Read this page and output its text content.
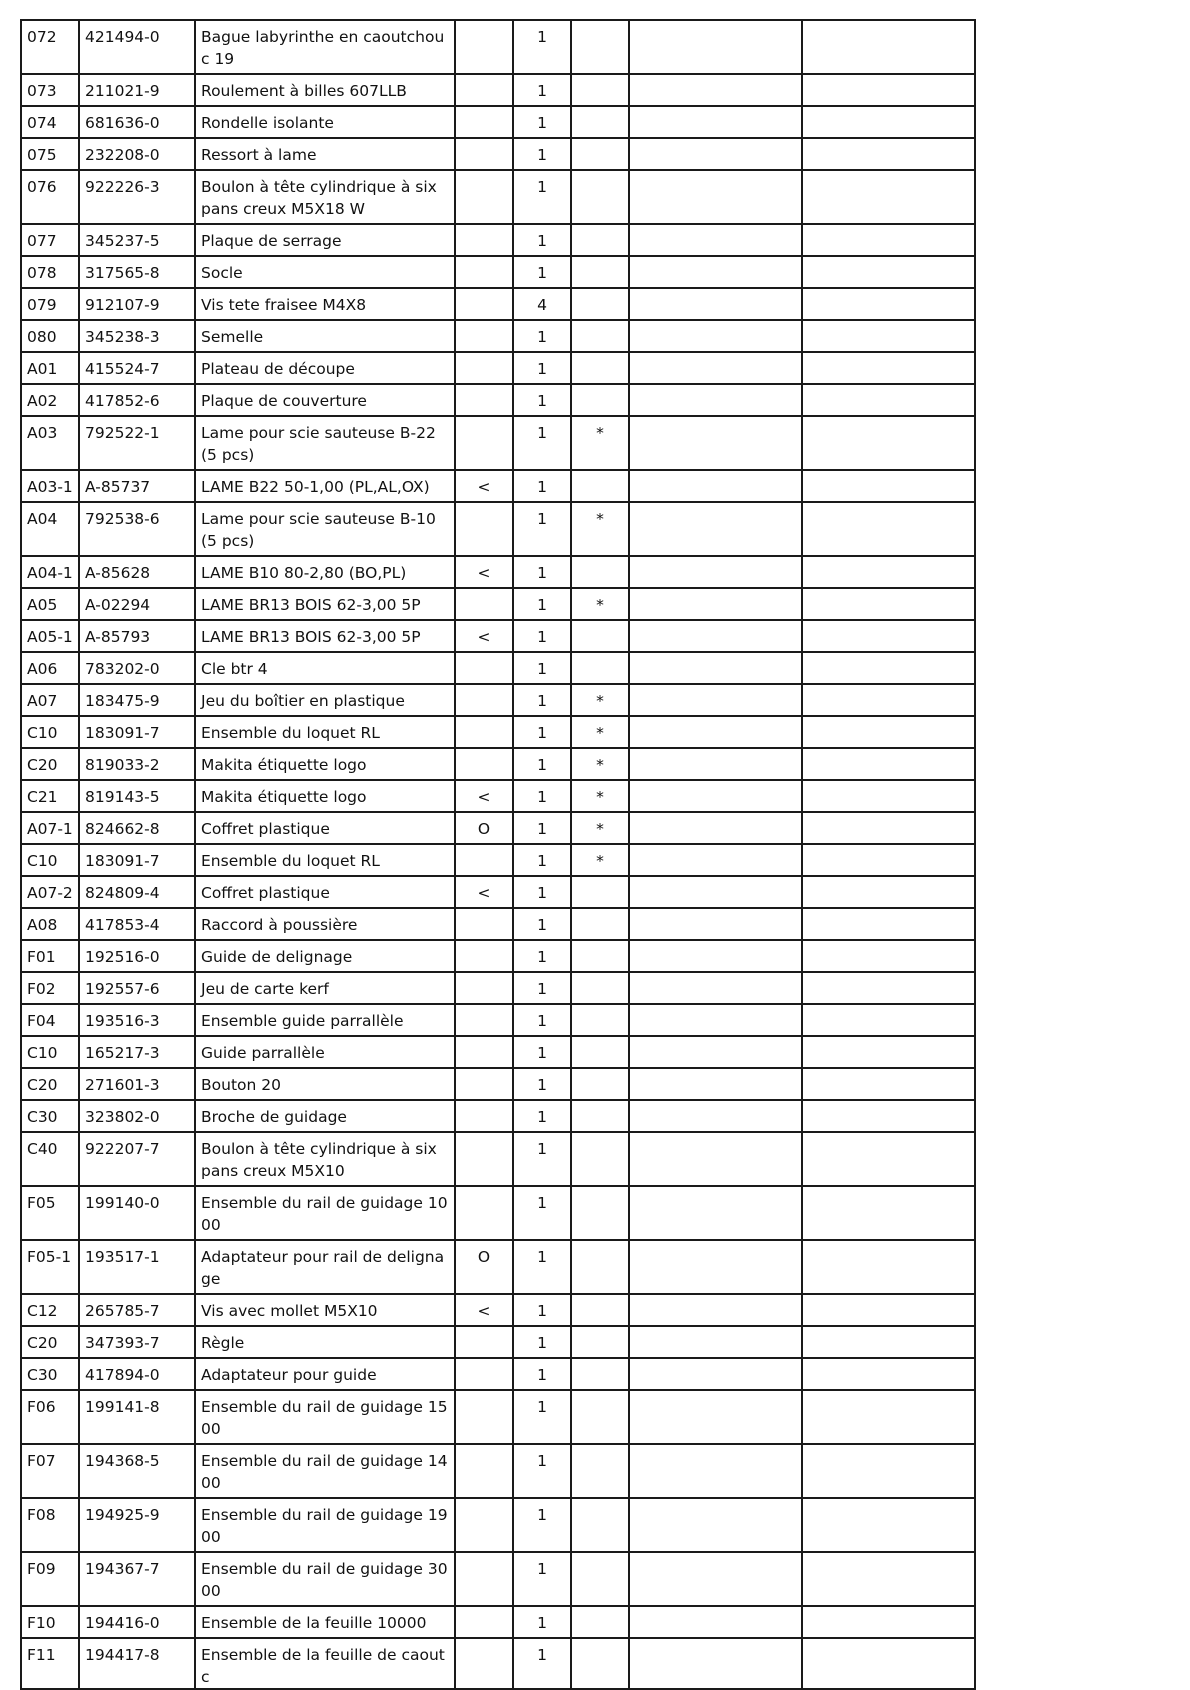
072	421494-0	Bague labyrinthe en caoutchouc 19		1			
073	211021-9	Roulement à billes 607LLB		1			
074	681636-0	Rondelle isolante		1			
075	232208-0	Ressort à lame		1			
076	922226-3	Boulon à tête cylindrique à six pans creux M5X18 W		1			
077	345237-5	Plaque de serrage		1			
078	317565-8	Socle		1			
079	912107-9	Vis tete fraisee M4X8		4			
080	345238-3	Semelle		1			
A01	415524-7	Plateau de découpe		1			
A02	417852-6	Plaque de couverture		1			
A03	792522-1	Lame pour scie sauteuse B-22 (5 pcs)		1	*		
A03-1	A-85737	LAME B22 50-1,00 (PL,AL,OX)	<	1			
A04	792538-6	Lame pour scie sauteuse B-10 (5 pcs)		1	*		
A04-1	A-85628	LAME B10 80-2,80 (BO,PL)	<	1			
A05	A-02294	LAME BR13 BOIS 62-3,00 5P		1	*		
A05-1	A-85793	LAME BR13 BOIS 62-3,00 5P	<	1			
A06	783202-0	Cle btr 4		1			
A07	183475-9	Jeu du boîtier en plastique		1	*		
C10	183091-7	Ensemble du loquet RL		1	*		
C20	819033-2	Makita étiquette logo		1	*		
C21	819143-5	Makita étiquette logo	<	1	*		
A07-1	824662-8	Coffret plastique	O	1	*		
C10	183091-7	Ensemble du loquet RL		1	*		
A07-2	824809-4	Coffret plastique	<	1			
A08	417853-4	Raccord à poussière		1			
F01	192516-0	Guide de delignage		1			
F02	192557-6	Jeu de carte kerf		1			
F04	193516-3	Ensemble guide parrallèle		1			
C10	165217-3	Guide parrallèle		1			
C20	271601-3	Bouton 20		1			
C30	323802-0	Broche de guidage		1			
C40	922207-7	Boulon à tête cylindrique à six pans creux M5X10		1			
F05	199140-0	Ensemble du rail de guidage 1000		1			
F05-1	193517-1	Adaptateur pour rail de delignage	O	1			
C12	265785-7	Vis avec mollet M5X10	<	1			
C20	347393-7	Règle		1			
C30	417894-0	Adaptateur pour guide		1			
F06	199141-8	Ensemble du rail de guidage 1500		1			
F07	194368-5	Ensemble du rail de guidage 1400		1			
F08	194925-9	Ensemble du rail de guidage 1900		1			
F09	194367-7	Ensemble du rail de guidage 3000		1			
F10	194416-0	Ensemble de la feuille 10000		1			
F11	194417-8	Ensemble de la feuille de caoutc		1			
